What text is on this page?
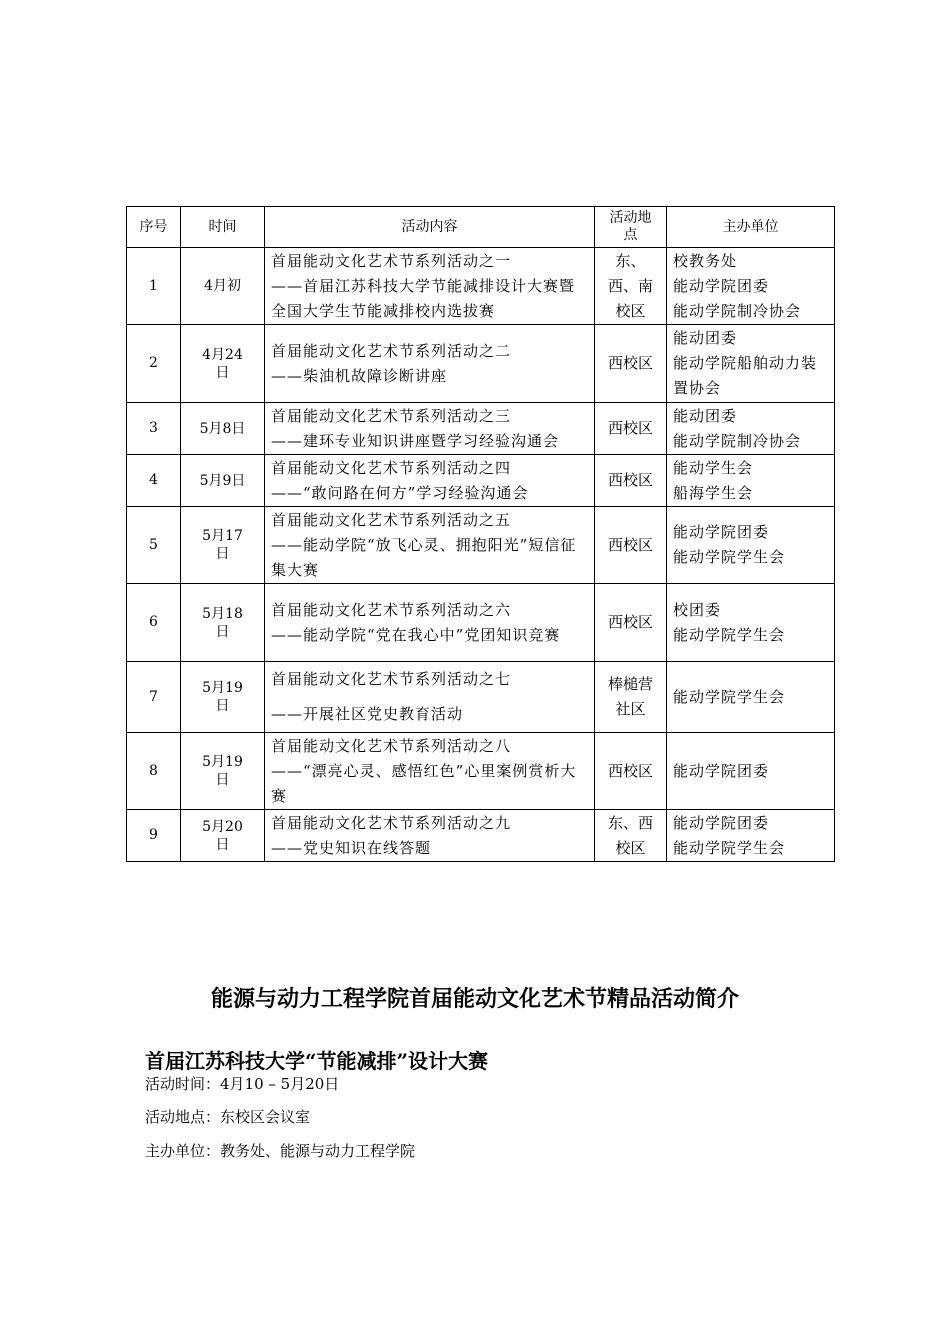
序号	时间	活动内容	活动地点	主办单位
1	4月初	首届能动文化艺术节系列活动之一
——首届江苏科技大学节能减排设计大赛暨全国大学生节能减排校内选拔赛	东、西、南校区	校教务处
能动学院团委
能动学院制冷协会

2	4月24日	首届能动文化艺术节系列活动之二
——柴油机故障诊断讲座	西校区	能动团委
能动学院船舶动力装置协会

3	5月8日	首届能动文化艺术节系列活动之三
——建环专业知识讲座暨学习经验沟通会	西校区	能动团委
能动学院制冷协会

4	5月9日	首届能动文化艺术节系列活动之四
——“敢问路在何方”学习经验沟通会	西校区	能动学生会
船海学生会

5	5月17日	首届能动文化艺术节系列活动之五
——能动学院“放飞心灵、拥抱阳光”短信征集大赛	西校区	能动学院团委
能动学院学生会

6	5月18日	首届能动文化艺术节系列活动之六
——能动学院“党在我心中”党团知识竞赛	西校区	校团委
能动学院学生会

7	5月19日	首届能动文化艺术节系列活动之七
——开展社区党史教育活动	棒槌营社区	能动学院学生会

8	5月19日	首届能动文化艺术节系列活动之八
——“漂亮心灵、感悟红色”心里案例赏析大赛	西校区	能动学院团委

9	5月20日	首届能动文化艺术节系列活动之九
——党史知识在线答题	东、西校区	能动学院团委
能动学院学生会
能源与动力工程学院首届能动文化艺术节精品活动简介
首届江苏科技大学“节能减排”设计大赛
活动时间：4月10 – 5月20日
活动地点：东校区会议室
主办单位：教务处、能源与动力工程学院
